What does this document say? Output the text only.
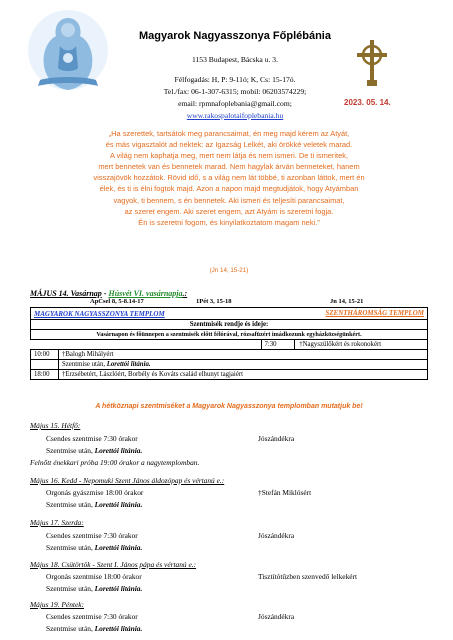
Magyarok Nagyasszonya Főplébánia
1153 Budapest, Bácska u. 3.
Félfogadás: H, P: 9-11ó; K, Cs: 15-17ó.
Tel./fax: 06-1-307-6315; mobil: 06203574229;
email: rpmnafoplebania@gmail.com;
www.rakospalotaifoplebania.hu
2023. 05. 14.
„Ha szerettek, tartsátok meg parancsaimat, én meg majd kérem az Atyát,
és más vigasztalót ad nektek: az Igazság Lelkét, aki örökké veletek marad.
A világ nem kaphatja meg, mert nem látja és nem ismeri. De ti ismeritek,
mert bennetek van és bennetek marad. Nem hagylak árván benneteket, hanem
visszajövök hozzátok. Rövid idő, s a világ nem lát többé, ti azonban láttok, mert én
élek, és ti is élni fogtok majd. Azon a napon majd megtudjátok, hogy Atyámban
vagyok, ti bennem, s én bennetek. Aki ismeri és teljesíti parancsaimat,
az szeret engem. Aki szeret engem, azt Atyám is szeretni fogja.
Én is szeretni fogom, és kinyilatkoztatom magam neki.”
(Jn 14, 15-21)
MÁJUS 14. Vasárnap - Húsvét VI. vasárnapja.:
ApCsel 8, 5-8.14-17	1Pét 3, 15-18	Jn 14, 15-21
MAGYAROK NAGYASSZONYA TEMPLOM SZENTHÁROMSÁG TEMPLOM		

Szentmisék rendje és ideje:		
Vasárnapon és főünnepen a szentmisék előtt félórával, rózsafüzért imádkozunk egyházközségünkért.		
		7:30 †Nagyszülőkért és rokonokért
10:00	†Balogh Mihályért	
	Szentmise után, Lorettói litánia.	
18:00	†Erzsébetért, Lászlóért, Borbély és Kováts család elhunyt tagjaiért	
A hétköznapi szentmiséket a Magyarok Nagyasszonya templomban mutatjuk be!
Május 15. Hétfő:
Csendes szentmise 7:30 órakor	Jószándékra
Szentmise után, Lorettói litánia.
Felnőtt énekkari próba 19:00 órakor a nagytemplomban.
Május 16. Kedd - Nepomuki Szent János áldozópap és vértanú e.:
Orgonás gyászmise 18:00 órakor	†Stefán Miklósért
Szentmise után, Lorettói litánia.
Május 17. Szerda:
Csendes szentmise 7:30 órakor	Jószándékra
Szentmise után, Lorettói litánia.
Május 18. Csütörtök - Szent I. János pápa és vértanú e.:
Orgonás szentmise 18:00 órakor	Tisztítótűzben szenvedő lelkekért
Szentmise után, Lorettói litánia.
Május 19. Péntek:
Csendes szentmise 7:30 órakor	Jószándékra
Szentmise után, Lorettói litánia.
